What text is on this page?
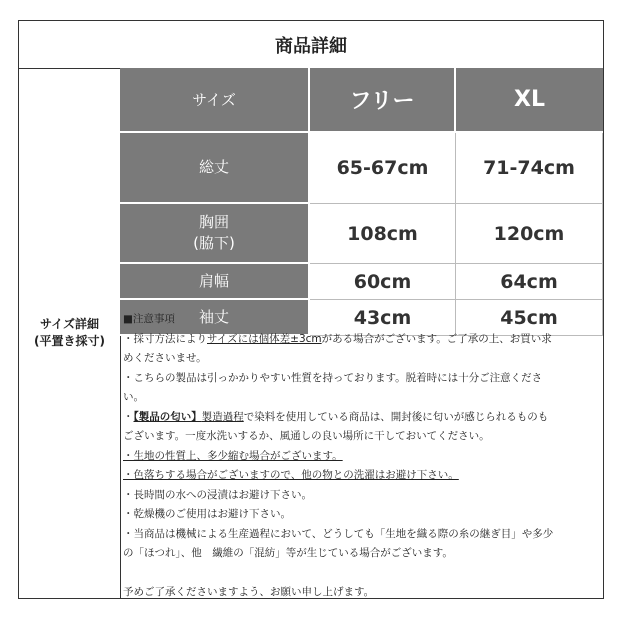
商品詳細
サイズ詳細
(平置き採寸)
サイズ	フリー	XL
総丈	65-67cm	71-74cm
胸囲
(脇下)	108cm	120cm
肩幅	60cm	64cm
袖丈	43cm	45cm

■注意事項

・採寸方法によりサイズには個体差±3cmがある場合がございます。ご了承の上、お買い求

めくださいませ。

・こちらの製品は引っかかりやすい性質を持っております。脱着時には十分ご注意くださ

い。

・【製品の匂い】製造過程で染料を使用している商品は、開封後に匂いが感じられるものも

ございます。一度水洗いするか、風通しの良い場所に干しておいてください。

・生地の性質上、多少縮む場合がございます。

・色落ちする場合がございますので、他の物との洗濯はお避け下さい。

・長時間の水への浸漬はお避け下さい。

・乾燥機のご使用はお避け下さい。

・当商品は機械による生産過程において、どうしても「生地を織る際の糸の継ぎ目」や多少

の「ほつれ」、他　繊維の「混紡」等が生じている場合がございます。

予めご了承くださいますよう、お願い申し上げます。
